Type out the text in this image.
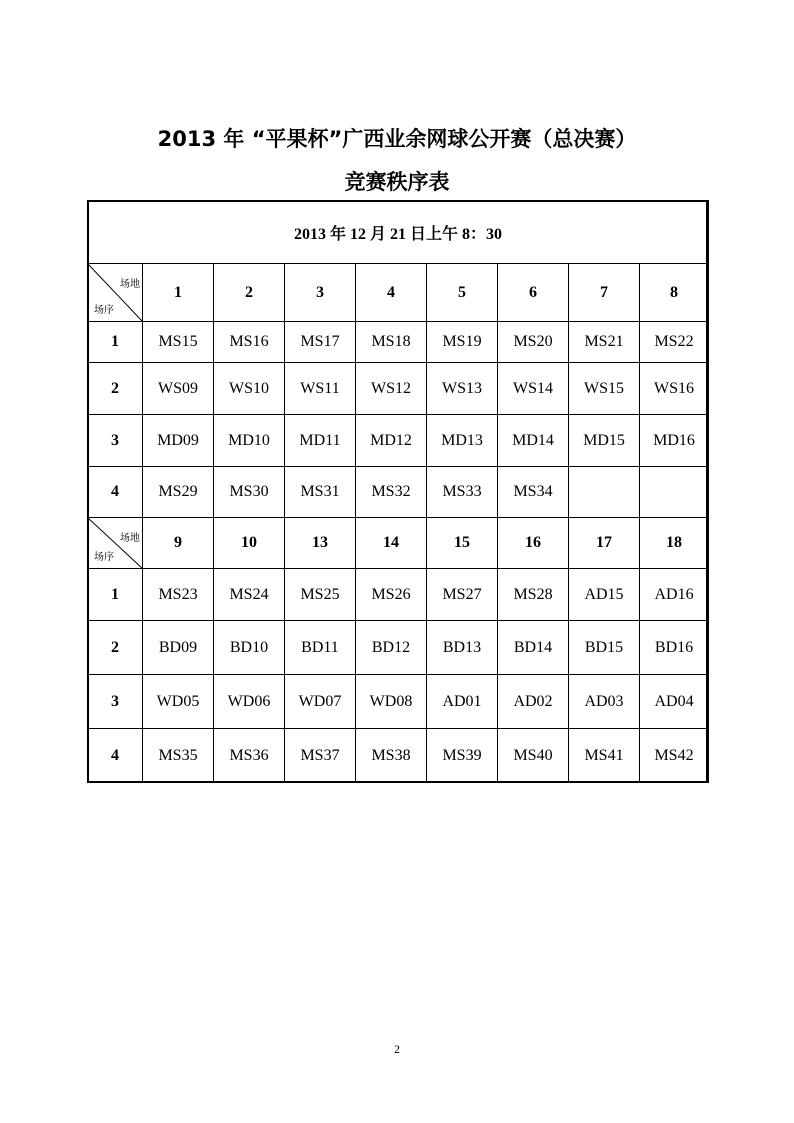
2013 年 “平果杯”广西业余网球公开赛（总决赛）
竞赛秩序表
2013 年 12 月 21 日上午 8：30								

场地
场序	1	2	3	4	5	6	7	8
1	MS15	MS16	MS17	MS18	MS19	MS20	MS21	MS22
2	WS09	WS10	WS11	WS12	WS13	WS14	WS15	WS16
3	MD09	MD10	MD11	MD12	MD13	MD14	MD15	MD16
4	MS29	MS30	MS31	MS32	MS33	MS34		

场地
场序	9	10	13	14	15	16	17	18
1	MS23	MS24	MS25	MS26	MS27	MS28	AD15	AD16
2	BD09	BD10	BD11	BD12	BD13	BD14	BD15	BD16
3	WD05	WD06	WD07	WD08	AD01	AD02	AD03	AD04
4	MS35	MS36	MS37	MS38	MS39	MS40	MS41	MS42
2
